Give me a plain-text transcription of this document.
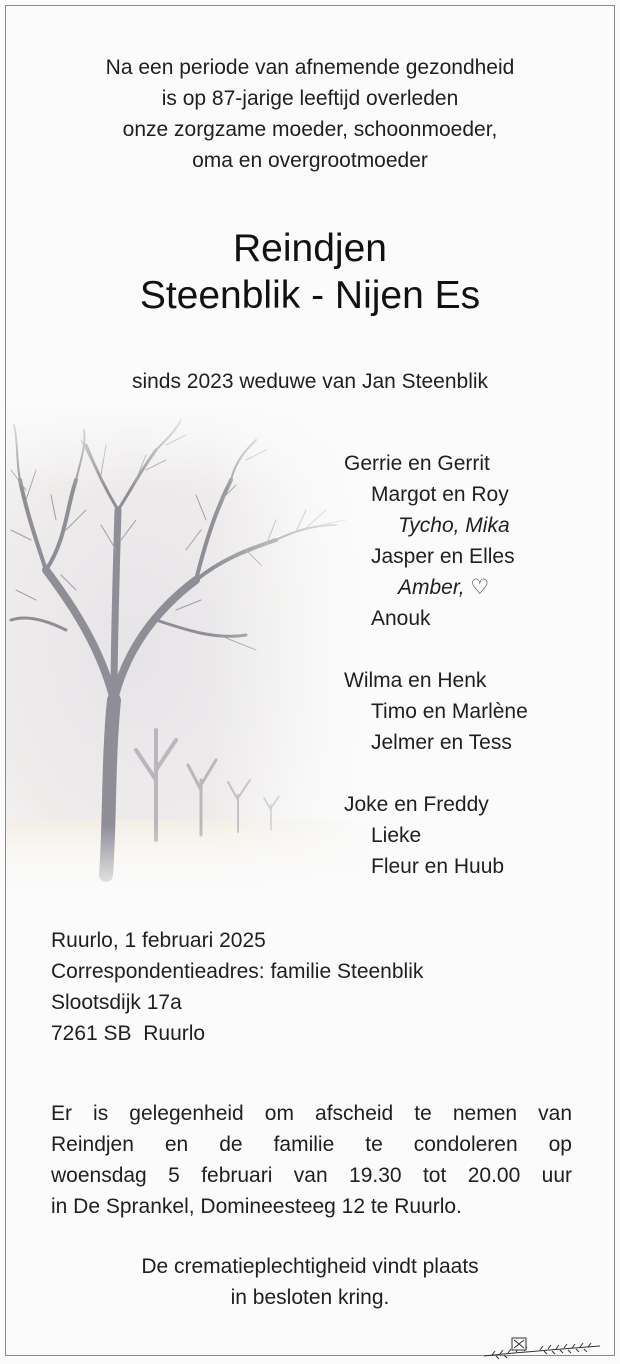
Na een periode van afnemende gezondheid
is op 87-jarige leeftijd overleden
onze zorgzame moeder, schoonmoeder,
oma en overgrootmoeder
Reindjen
Steenblik - Nijen Es
sinds 2023 weduwe van Jan Steenblik
Gerrie en Gerrit
Margot en Roy
Tycho, Mika
Jasper en Elles
Amber, ♡
Anouk
Wilma en Henk
Timo en Marlène
Jelmer en Tess
Joke en Freddy
Lieke
Fleur en Huub
Ruurlo, 1 februari 2025
Correspondentieadres: familie Steenblik
Slootsdijk 17a
7261 SB  Ruurlo
Er is gelegenheid om afscheid te nemen van
Reindjen en de familie te condoleren op
woensdag 5 februari van 19.30 tot 20.00 uur
in De Sprankel, Domineesteeg 12 te Ruurlo.
De crematieplechtigheid vindt plaats
in besloten kring.
